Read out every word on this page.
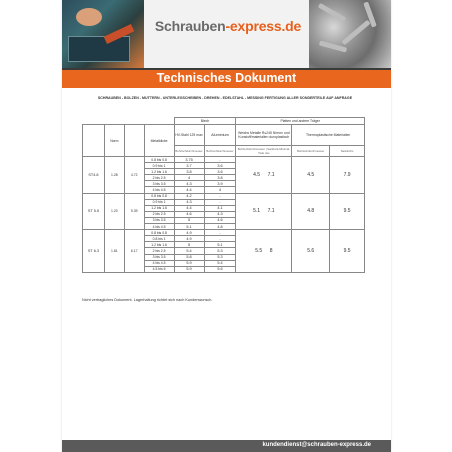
Schrauben-express.de
Technisches Dokument
SCHRAUBEN - BOLZEN - MUTTERN - UNTERLEGSCHEIBEN - DREHEN - EDELSTAHL - MESSING FERTIGUNG ALLER SONDERTEILE AUF ANFRAGE
				Blech		Platten und andere Träger		
	Norm		Metalldicke	HV-Stahl 125 max	Aluminium	Weichs Metalle R≤245 N/mm² und Kunstoff/materialien duroplastisch	Thermoplastische Materialien	
				Bohrlochdurchmesser	Bohrlochdurchmesser	Bohrlochdurchmesser | Sacklock-Minimal-Tiefe des	Bohrlochdurchmesser	Sacklochs
ST4.8	1.28	4.72	0.8 bis 0.8	3.75	-	4.5 7.1	4.5	7.9
			0.9 bis 1	3.7	3.6			
			1.2 bis 1.6	3.8	3.6			
			2 bis 2.5	4	3.8			
			3 bis 3.5	4.3	3.9			
			4 bis 4.5	4.4	4			
ST 5.5	1.20	5.39	0.8 bis 0.8	4.2	-	5.1 7.1	4.8	9.5
			0.9 bis 1	4.3	-			
			1.2 bis 1.6	4.4	4.1			
			2 bis 2.5	4.6	4.3			
			3 bis 3.5	5	4.6			
			4 bis 4.5	5.1	4.8			
ST 6.3	1.81	6.17	0.8 bis 0.8	4.9	-	5.5 8	5.6	9.5
			0.8 bis 1	4.9	-			
			1.2 bis 1.6	5	5.1			
			2 bis 2.5	5.4	5.3			
			3 bis 3.5	5.8	5.3			
			4 bis 4.5	5.9	5.4			
			4.5 bis 6	5.9	5.6			
Nicht vertragliches Dokument. Lagerhaltung richtet sich nach Kundenwunsch.
kundendienst@schrauben-express.de
